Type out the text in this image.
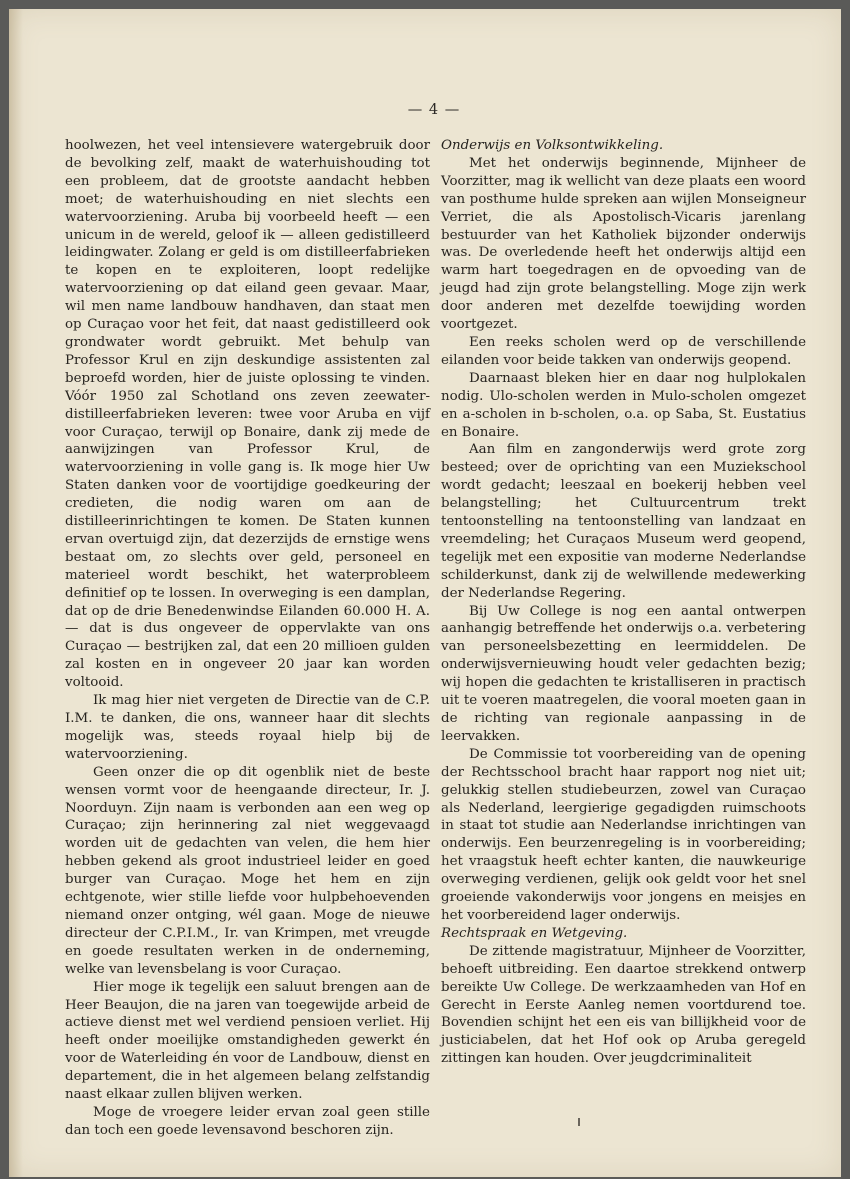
— 4 —

hoolwezen, het veel intensievere watergebruik door de bevolking zelf, maakt de waterhuishouding tot een probleem, dat de grootste aandacht hebben moet; de waterhuishouding en niet slechts een watervoorziening. Aruba bij voorbeeld heeft — een unicum in de wereld, geloof ik — alleen gedistilleerd leidingwater. Zolang er geld is om distilleerfabrieken te kopen en te exploiteren, loopt redelijke watervoorziening op dat eiland geen gevaar. Maar, wil men name landbouw handhaven, dan staat men op Curaçao voor het feit, dat naast gedistilleerd ook grondwater wordt gebruikt. Met behulp van Professor Krul en zijn deskundige assistenten zal beproefd worden, hier de juiste oplossing te vinden. Vóór 1950 zal Schotland ons zeven zeewater-distilleerfabrieken leveren: twee voor Aruba en vijf voor Curaçao, terwijl op Bonaire, dank zij mede de aanwijzingen van Professor Krul, de watervoorziening in volle gang is. Ik moge hier Uw Staten danken voor de voortijdige goedkeuring der credieten, die nodig waren om aan de distilleerinrichtingen te komen. De Staten kunnen ervan overtuigd zijn, dat dezerzijds de ernstige wens bestaat om, zo slechts over geld, personeel en materieel wordt beschikt, het waterprobleem definitief op te lossen. In overweging is een damplan, dat op de drie Benedenwindse Eilanden 60.000 H. A. — dat is dus ongeveer de oppervlakte van ons Curaçao — bestrijken zal, dat een 20 millioen gulden zal kosten en in ongeveer 20 jaar kan worden voltooid.

Ik mag hier niet vergeten de Directie van de C.P. I.M. te danken, die ons, wanneer haar dit slechts mogelijk was, steeds royaal hielp bij de watervoorziening.

Geen onzer die op dit ogenblik niet de beste wensen vormt voor de heengaande directeur, Ir. J. Noorduyn. Zijn naam is verbonden aan een weg op Curaçao; zijn herinnering zal niet weggevaagd worden uit de gedachten van velen, die hem hier hebben gekend als groot industrieel leider en goed burger van Curaçao. Moge het hem en zijn echtgenote, wier stille liefde voor hulpbehoevenden niemand onzer ontging, wél gaan. Moge de nieuwe directeur der C.P.I.M., Ir. van Krimpen, met vreugde en goede resultaten werken in de onderneming, welke van levensbelang is voor Curaçao.

Hier moge ik tegelijk een saluut brengen aan de Heer Beaujon, die na jaren van toegewijde arbeid de actieve dienst met wel verdiend pensioen verliet. Hij heeft onder moeilijke omstandigheden gewerkt én voor de Waterleiding én voor de Landbouw, dienst en departement, die in het algemeen belang zelfstandig naast elkaar zullen blijven werken.

Moge de vroegere leider ervan zoal geen stille dan toch een goede levensavond beschoren zijn.

Onderwijs en Volksontwikkeling.

Met het onderwijs beginnende, Mijnheer de Voorzitter, mag ik wellicht van deze plaats een woord van posthume hulde spreken aan wijlen Monseigneur Verriet, die als Apostolisch-Vicaris jarenlang bestuurder van het Katholiek bijzonder onderwijs was. De overledende heeft het onderwijs altijd een warm hart toegedragen en de opvoeding van de jeugd had zijn grote belangstelling. Moge zijn werk door anderen met dezelfde toewijding worden voortgezet.

Een reeks scholen werd op de verschillende eilanden voor beide takken van onderwijs geopend.

Daarnaast bleken hier en daar nog hulplokalen nodig. Ulo-scholen werden in Mulo-scholen omgezet en a-scholen in b-scholen, o.a. op Saba, St. Eustatius en Bonaire.

Aan film en zangonderwijs werd grote zorg besteed; over de oprichting van een Muziekschool wordt gedacht; leeszaal en boekerij hebben veel belangstelling; het Cultuurcentrum trekt tentoonstelling na tentoonstelling van landzaat en vreemdeling; het Curaçaos Museum werd geopend, tegelijk met een expositie van moderne Nederlandse schilderkunst, dank zij de welwillende medewerking der Nederlandse Regering.

Bij Uw College is nog een aantal ontwerpen aanhangig betreffende het onderwijs o.a. verbetering van personeelsbezetting en leermiddelen. De onderwijsvernieuwing houdt veler gedachten bezig; wij hopen die gedachten te kristalliseren in practisch uit te voeren maatregelen, die vooral moeten gaan in de richting van regionale aanpassing in de leervakken.

De Commissie tot voorbereiding van de opening der Rechtsschool bracht haar rapport nog niet uit; gelukkig stellen studiebeurzen, zowel van Curaçao als Nederland, leergierige gegadigden ruimschoots in staat tot studie aan Nederlandse inrichtingen van onderwijs. Een beurzenregeling is in voorbereiding; het vraagstuk heeft echter kanten, die nauwkeurige overweging verdienen, gelijk ook geldt voor het snel groeiende vakonderwijs voor jongens en meisjes en het voorbereidend lager onderwijs.

Rechtspraak en Wetgeving.

De zittende magistratuur, Mijnheer de Voorzitter, behoeft uitbreiding. Een daartoe strekkend ontwerp bereikte Uw College. De werkzaamheden van Hof en Gerecht in Eerste Aanleg nemen voortdurend toe. Bovendien schijnt het een eis van billijkheid voor de justiciabelen, dat het Hof ook op Aruba geregeld zittingen kan houden. Over jeugdcriminaliteit
